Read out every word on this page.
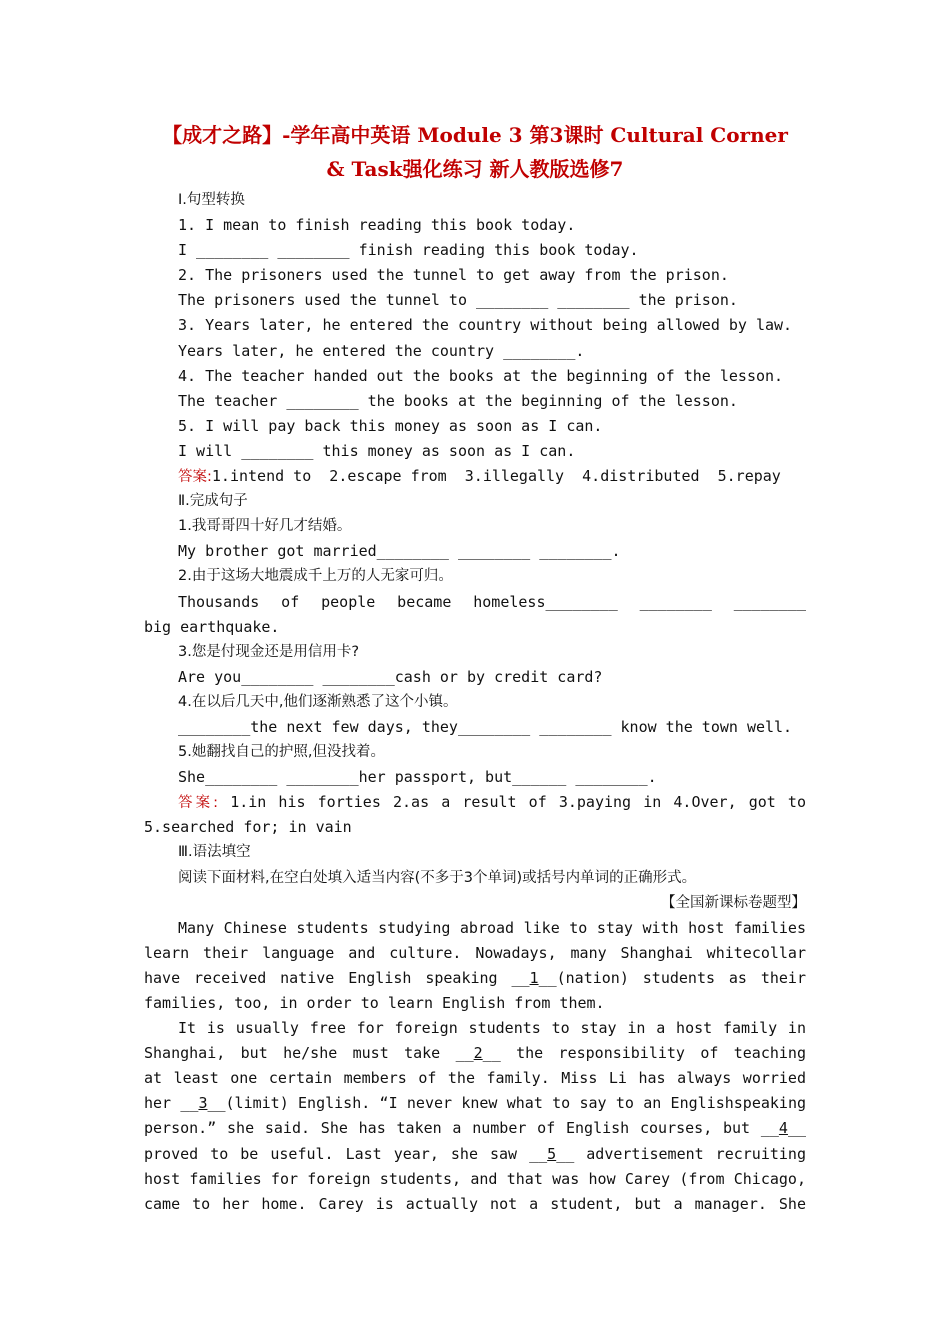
【成才之路】-学年高中英语 Module 3 第3课时 Cultural Corner
& Task强化练习 新人教版选修7
Ⅰ.句型转换
1. I mean to finish reading this book today.
I ________ ________ finish reading this book today.
2. The prisoners used the tunnel to get away from the prison.
The prisoners used the tunnel to ________ ________ the prison.
3. Years later, he entered the country without being allowed by law.
Years later, he entered the country ________.
4. The teacher handed out the books at the beginning of the lesson.
The teacher ________ the books at the beginning of the lesson.
5. I will pay back this money as soon as I can.
I will ________ this money as soon as I can.
答案:1.intend to  2.escape from  3.illegally  4.distributed  5.repay
Ⅱ.完成句子
1.我哥哥四十好几才结婚。
My brother got married________ ________ ________.
2.由于这场大地震成千上万的人无家可归。
Thousands of people became homeless________ ________ ________
big earthquake.
3.您是付现金还是用信用卡?
Are you________ ________cash or by credit card?
4.在以后几天中,他们逐渐熟悉了这个小镇。
________the next few days, they________ ________ know the town well.
5.她翻找自己的护照,但没找着。
She________ ________her passport, but______ ________.
答案: 1.in his forties 2.as a result of 3.paying in 4.Over, got to
5.searched for; in vain
Ⅲ.语法填空
阅读下面材料,在空白处填入适当内容(不多于3个单词)或括号内单词的正确形式。
【全国新课标卷题型】
Many Chinese students studying abroad like to stay with host families
learn their language and culture. Nowadays, many Shanghai whitecollar
have received native English speaking __1__(nation) students as their
families, too, in order to learn English from them.
It is usually free for foreign students to stay in a host family in
Shanghai, but he/she must take __2__ the responsibility of teaching
at least one certain members of the family. Miss Li has always worried
her __3__(limit) English. “I never knew what to say to an Englishspeaking
person.” she said. She has taken a number of English courses, but __4__
proved to be useful. Last year, she saw __5__ advertisement recruiting
host families for foreign students, and that was how Carey (from Chicago,
came to her home. Carey is actually not a student, but a manager. She
